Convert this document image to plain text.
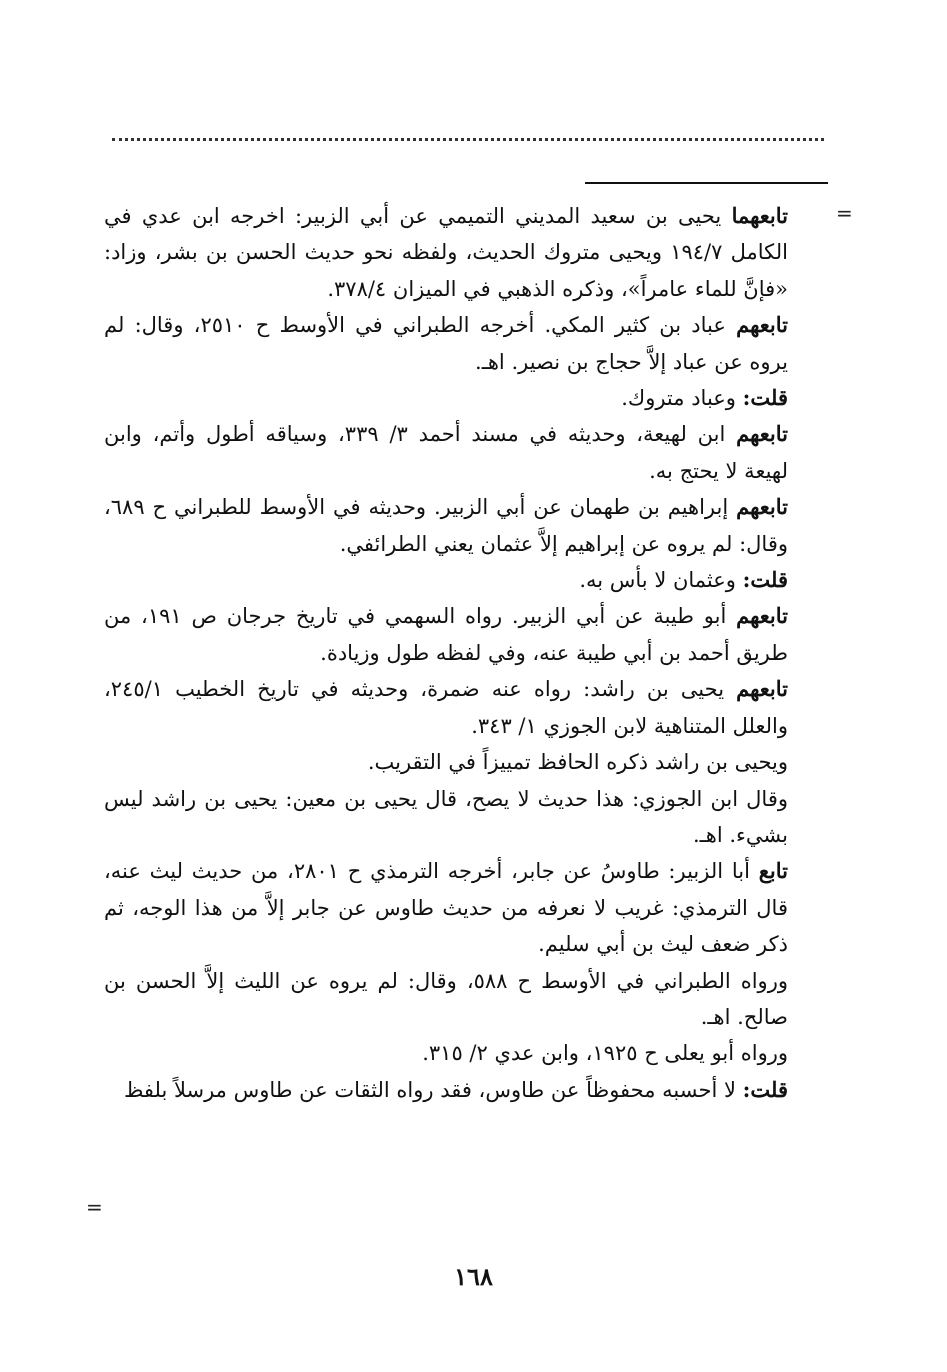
=

تابعهما يحيى بن سعيد المديني التميمي عن أبي الزبير: اخرجه ابن عدي في الكامل ١٩٤/٧ ويحيى متروك الحديث، ولفظه نحو حديث الحسن بن بشر، وزاد: «فإنَّ للماء عامراً»، وذكره الذهبي في الميزان ٣٧٨/٤.

تابعهم عباد بن كثير المكي. أخرجه الطبراني في الأوسط ح ٢٥١٠، وقال: لم يروه عن عباد إلاَّ حجاج بن نصير. اهـ.

قلت: وعباد متروك.

تابعهم ابن لهيعة، وحديثه في مسند أحمد ٣/ ٣٣٩، وسياقه أطول وأتم، وابن لهيعة لا يحتج به.

تابعهم إبراهيم بن طهمان عن أبي الزبير. وحديثه في الأوسط للطبراني ح ٦٨٩، وقال: لم يروه عن إبراهيم إلاَّ عثمان يعني الطرائفي.

قلت: وعثمان لا بأس به.

تابعهم أبو طيبة عن أبي الزبير. رواه السهمي في تاريخ جرجان ص ١٩١، من طريق أحمد بن أبي طيبة عنه، وفي لفظه طول وزيادة.

تابعهم يحيى بن راشد: رواه عنه ضمرة، وحديثه في تاريخ الخطيب ٢٤٥/١، والعلل المتناهية لابن الجوزي ١/ ٣٤٣.

ويحيى بن راشد ذكره الحافظ تمييزاً في التقريب.

وقال ابن الجوزي: هذا حديث لا يصح، قال يحيى بن معين: يحيى بن راشد ليس بشيء. اهـ.

تابع أبا الزبير: طاوسُ عن جابر، أخرجه الترمذي ح ٢٨٠١، من حديث ليث عنه، قال الترمذي: غريب لا نعرفه من حديث طاوس عن جابر إلاَّ من هذا الوجه، ثم ذكر ضعف ليث بن أبي سليم.

ورواه الطبراني في الأوسط ح ٥٨٨، وقال: لم يروه عن الليث إلاَّ الحسن بن صالح. اهـ.

ورواه أبو يعلى ح ١٩٢٥، وابن عدي ٢/ ٣١٥.

قلت: لا أحسبه محفوظاً عن طاوس، فقد رواه الثقات عن طاوس مرسلاً بلفظ

=
١٦٨
